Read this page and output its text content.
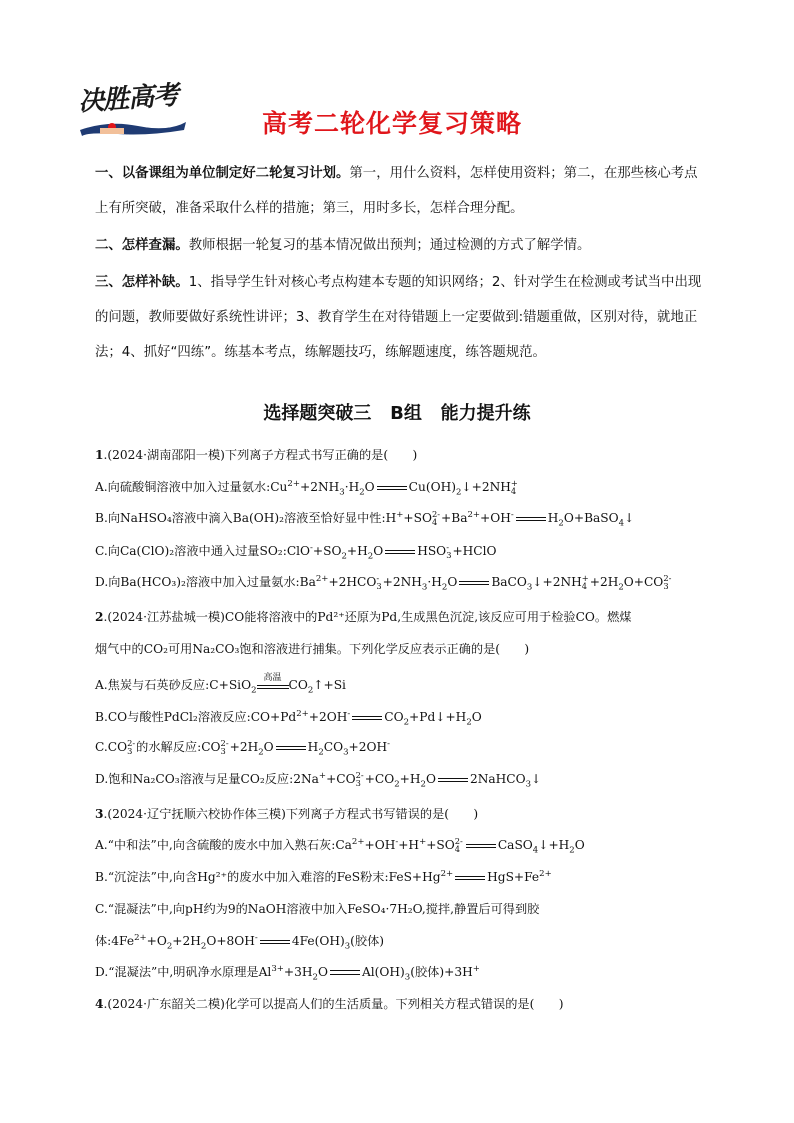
决胜高考
高考二轮化学复习策略
一、以备课组为单位制定好二轮复习计划。第一，用什么资料，怎样使用资料；第二，在那些核心考点上有所突破，准备采取什么样的措施；第三，用时多长，怎样合理分配。
二、怎样查漏。教师根据一轮复习的基本情况做出预判；通过检测的方式了解学情。
三、怎样补缺。1、指导学生针对核心考点构建本专题的知识网络；2、针对学生在检测或考试当中出现的问题，教师要做好系统性讲评；3、教育学生在对待错题上一定要做到:错题重做，区别对待，就地正法；4、抓好“四练”。练基本考点，练解题技巧，练解题速度，练答题规范。
选择题突破三   B组   能力提升练
1.(2024·湖南邵阳一模)下列离子方程式书写正确的是(　　)
A.向硫酸铜溶液中加入过量氨水$:Cu^{2+}+2NH_3\cdot H_2O$	$Cu(OH)_2↓+2NH$ +
4
B.向NaHSO₄溶液中滴入Ba(OH)₂溶液至恰好显中性:H++SO 2-
$4 +Ba^{2+}+OH^-$	$H_2O+BaSO_4↓$
C.向Ca(ClO)₂溶液中通入过量$SO_2:ClO^-+SO_2+H_2O$	HSO -
3 +HClO
D.向Ba(HCO₃)₂溶液中加入过量氨水$:Ba^{2+}+2HCO$ -
$3 +2NH_3\cdot H_2O$	BaCO$_3$↓+2NH +
$4 +2H_2O+CO$ 2-
3
2.(2024·江苏盐城一模)CO能将溶液中的Pd²⁺还原为Pd,生成黑色沉淀,该反应可用于检验CO。燃煤
烟气中的CO₂可用Na₂CO₃饱和溶液进行捕集。下列化学反应表示正确的是(　　)
A.焦炭与石英砂反应:C+SiO$_2$
高温
$CO_2↑+Si$
B.CO与酸性PdCl₂溶液反应$:CO+Pd^{2+}+2OH^-$	$CO_2+Pd↓+H_2O$
C.CO 2-
3 的水解反应:CO 2-
$3 +2H_2O$	$H_2CO_3+2OH^-$
D.饱和Na₂CO₃溶液与足量CO₂反应:2Na++CO 2-
$3 +CO_2+H_2O$	2NaHCO$_3$↓
3.(2024·辽宁抚顺六校协作体三模)下列离子方程式书写错误的是(　　)
A.“中和法”中,向含硫酸的废水中加入熟石灰$:Ca^{2+}+OH^-+H^++SO$ 2-
4	$CaSO_4↓+H_2O$
B.“沉淀法”中,向含Hg²⁺的废水中加入难溶的FeS粉末$:FeS+Hg^{2+}$	$HgS+Fe^{2+}$
C.“混凝法”中,向pH约为9的NaOH溶液中加入FeSO₄·7H₂O,搅拌,静置后可得到胶
体$:4Fe^{2+}+O_2+2H_2O+8OH^-$	$4Fe(OH)_3$(胶体)
D.“混凝法”中,明矾净水原理是$Al^{3+}+3H_2O$	$Al(OH)_3$(胶体)+3H+
4.(2024·广东韶关二模)化学可以提高人们的生活质量。下列相关方程式错误的是(　　)
